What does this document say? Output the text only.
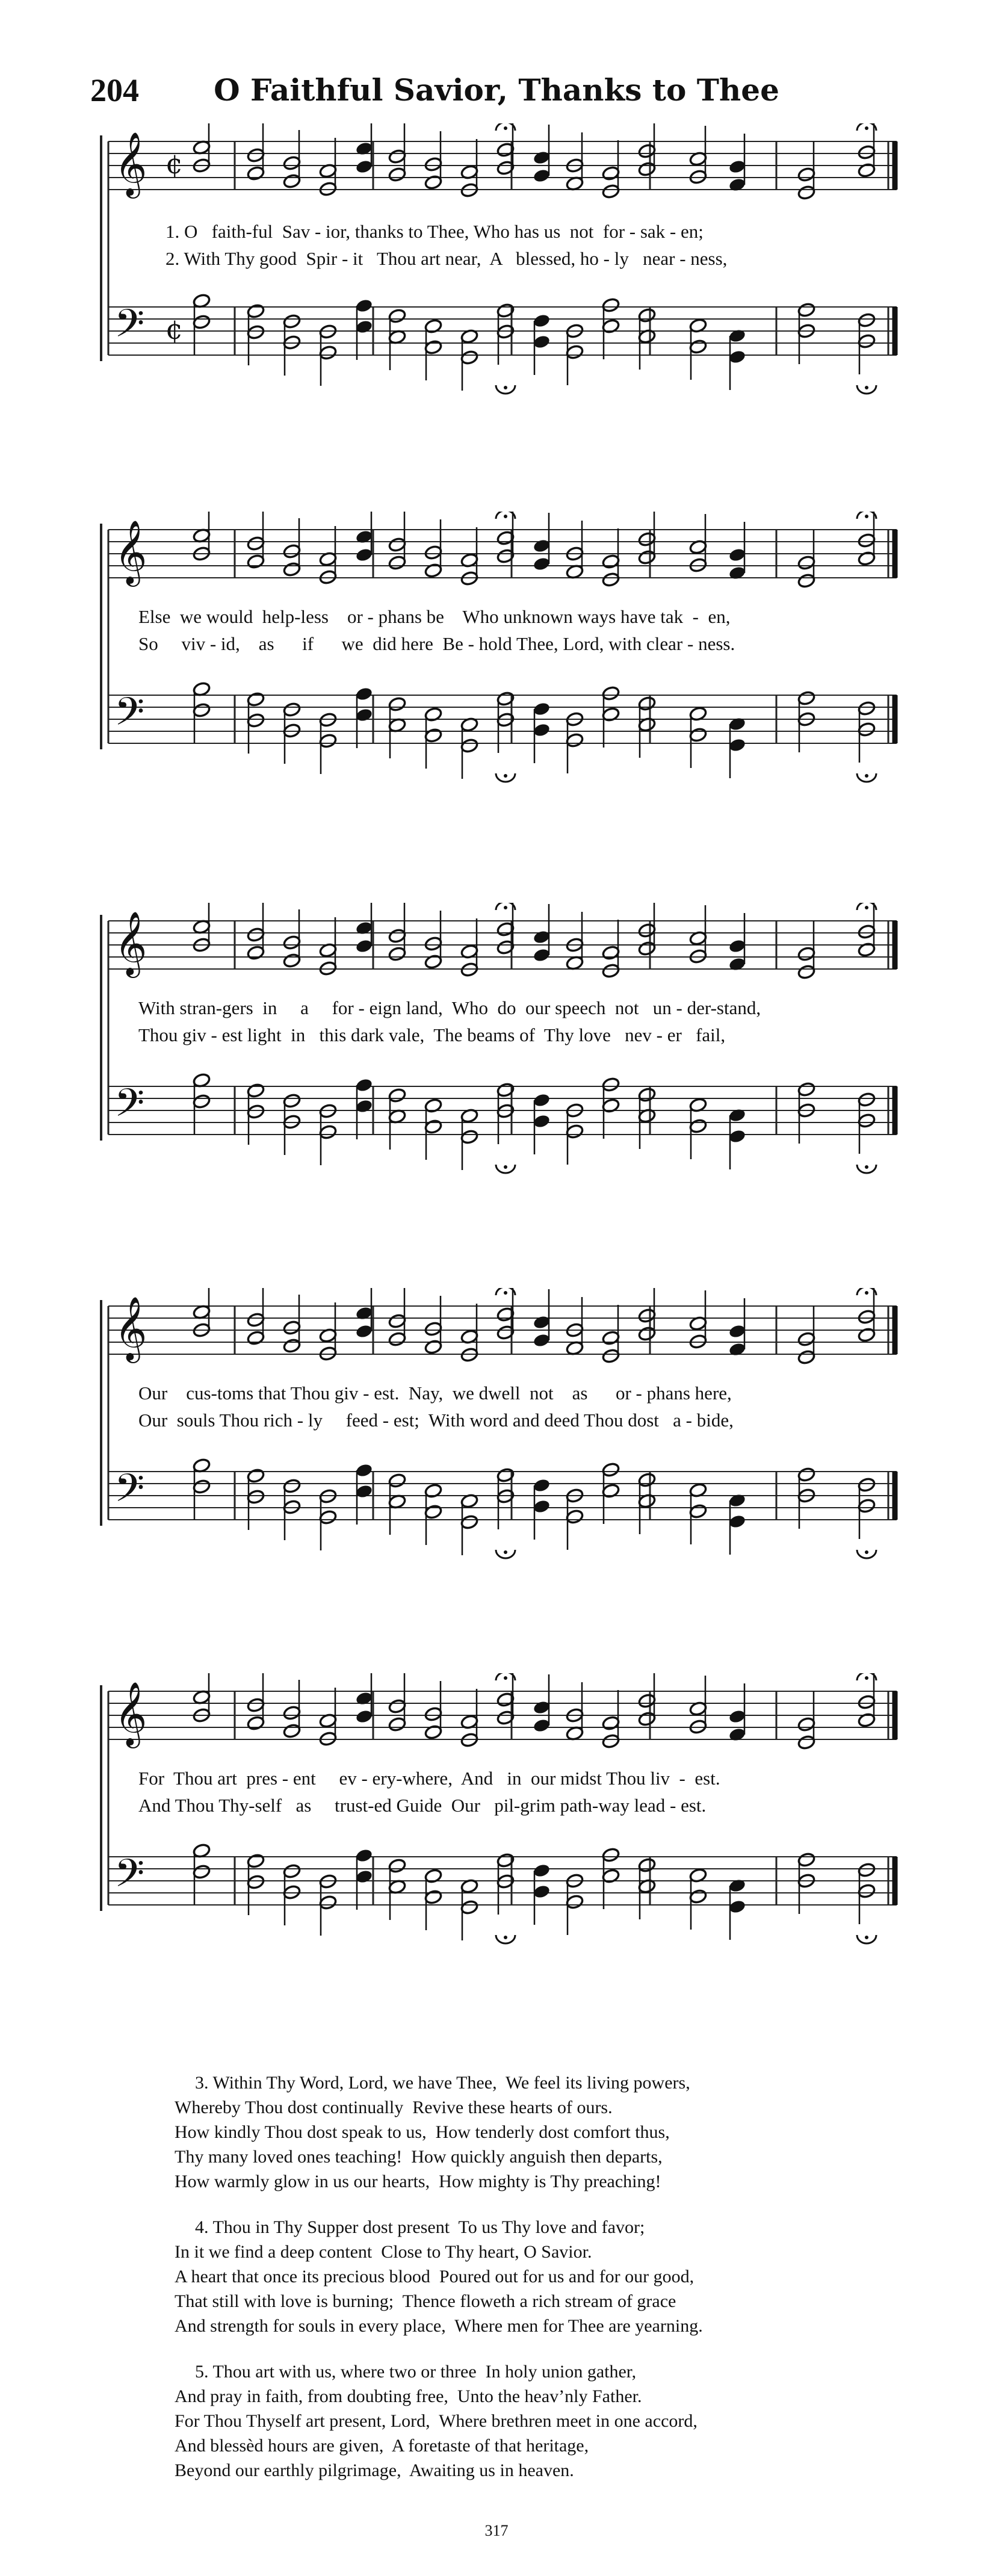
204	O Faithful Savior, Thanks to Thee
𝄞
𝄢
¢
¢
𝄞
𝄢
𝄞
𝄢
𝄞
𝄢
𝄞
𝄢
1. O   faith-ful  Sav - ior, thanks to Thee, Who has us  not  for - sak - en;
2. With Thy good  Spir - it   Thou art near,  A   blessed, ho - ly   near - ness,
Else  we would  help-less    or - phans be    Who unknown ways have tak  -  en,
So     viv - id,    as      if      we  did here  Be - hold Thee, Lord, with clear - ness.
With stran-gers  in     a     for - eign land,  Who  do  our speech  not   un - der-stand,
Thou giv - est light  in   this dark vale,  The beams of  Thy love   nev - er   fail,
Our    cus-toms that Thou giv - est.  Nay,  we dwell  not    as      or - phans here,
Our  souls Thou rich - ly     feed - est;  With word and deed Thou dost   a - bide,
For  Thou art  pres - ent     ev - ery-where,  And   in  our midst Thou liv  -  est.
And Thou Thy-self   as     trust-ed Guide  Our   pil-grim path-way lead - est.
3. Within Thy Word, Lord, we have Thee,  We feel its living powers,
Whereby Thou dost continually  Revive these hearts of ours.
How kindly Thou dost speak to us,  How tenderly dost comfort thus,
Thy many loved ones teaching!  How quickly anguish then departs,
How warmly glow in us our hearts,  How mighty is Thy preaching!
4. Thou in Thy Supper dost present  To us Thy love and favor;
In it we find a deep content  Close to Thy heart, O Savior.
A heart that once its precious blood  Poured out for us and for our good,
That still with love is burning;  Thence floweth a rich stream of grace
And strength for souls in every place,  Where men for Thee are yearning.
5. Thou art with us, where two or three  In holy union gather,
And pray in faith, from doubting free,  Unto the heav’nly Father.
For Thou Thyself art present, Lord,  Where brethren meet in one accord,
And blessèd hours are given,  A foretaste of that heritage,
Beyond our earthly pilgrimage,  Awaiting us in heaven.
317
